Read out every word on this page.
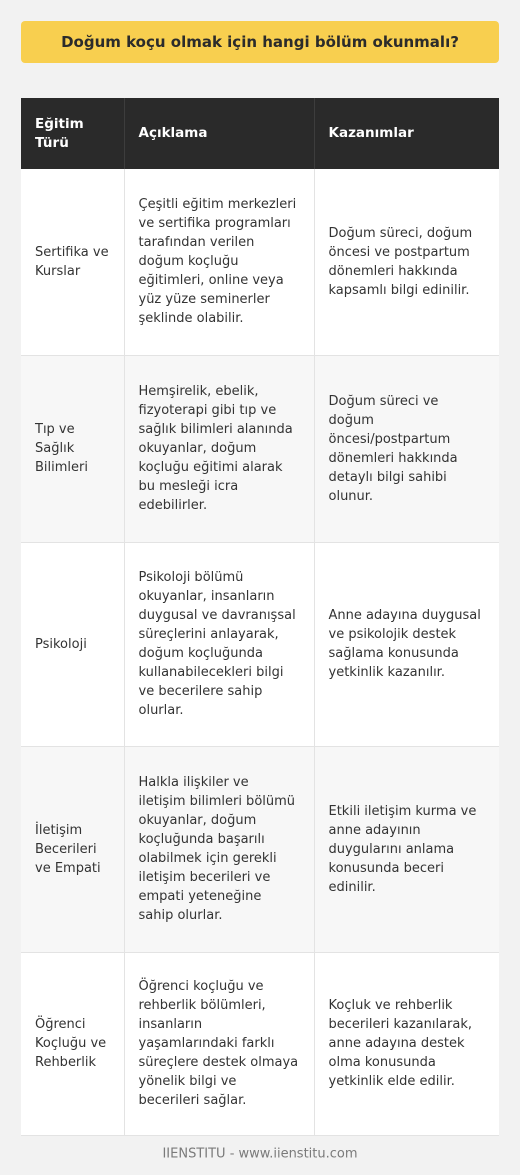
Doğum koçu olmak için hangi bölüm okunmalı?
Eğitim Türü	Açıklama	Kazanımlar
Sertifika ve Kurslar	Çeşitli eğitim merkezleri ve sertifika programları tarafından verilen doğum koçluğu eğitimleri, online veya yüz yüze seminerler şeklinde olabilir.	Doğum süreci, doğum öncesi ve postpartum dönemleri hakkında kapsamlı bilgi edinilir.
Tıp ve Sağlık Bilimleri	Hemşirelik, ebelik, fizyoterapi gibi tıp ve sağlık bilimleri alanında okuyanlar, doğum koçluğu eğitimi alarak bu mesleği icra edebilirler.	Doğum süreci ve doğum öncesi/postpartum dönemleri hakkında detaylı bilgi sahibi olunur.
Psikoloji	Psikoloji bölümü okuyanlar, insanların duygusal ve davranışsal süreçlerini anlayarak, doğum koçluğunda kullanabilecekleri bilgi ve becerilere sahip olurlar.	Anne adayına duygusal ve psikolojik destek sağlama konusunda yetkinlik kazanılır.
İletişim Becerileri ve Empati	Halkla ilişkiler ve iletişim bilimleri bölümü okuyanlar, doğum koçluğunda başarılı olabilmek için gerekli iletişim becerileri ve empati yeteneğine sahip olurlar.	Etkili iletişim kurma ve anne adayının duygularını anlama konusunda beceri edinilir.
Öğrenci Koçluğu ve Rehberlik	Öğrenci koçluğu ve rehberlik bölümleri, insanların yaşamlarındaki farklı süreçlere destek olmaya yönelik bilgi ve becerileri sağlar.	Koçluk ve rehberlik becerileri kazanılarak, anne adayına destek olma konusunda yetkinlik elde edilir.
IIENSTITU - www.iienstitu.com
